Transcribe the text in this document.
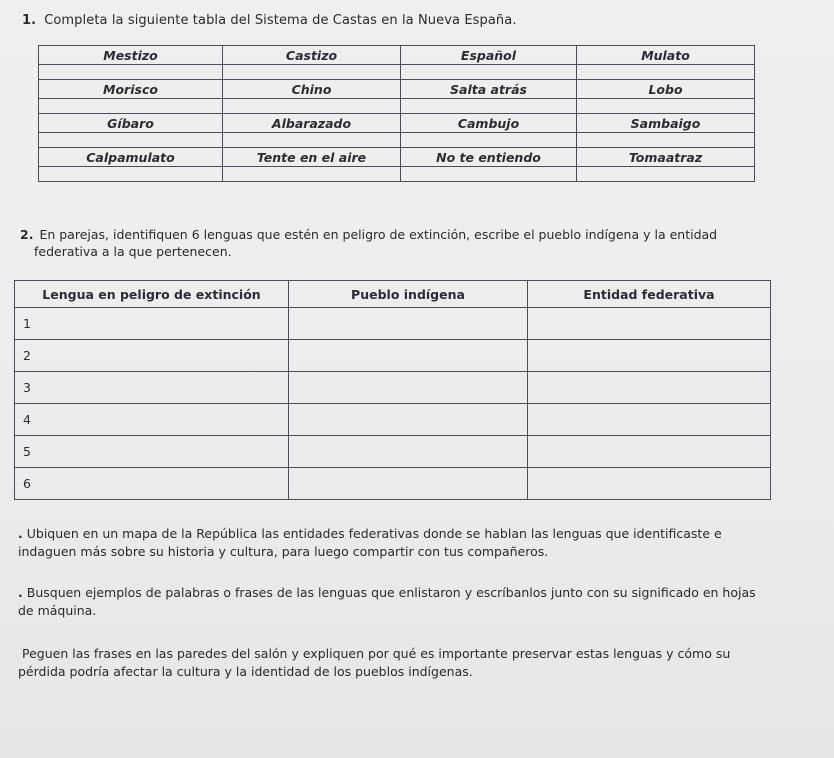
1. Completa la siguiente tabla del Sistema de Castas en la Nueva España.
Mestizo	Castizo	Español	Mulato

Morisco	Chino	Salta atrás	Lobo

Gíbaro	Albarazado	Cambujo	Sambaigo

Calpamulato	Tente en el aire	No te entiendo	Tomaatraz

2. En parejas, identifiquen 6 lenguas que estén en peligro de extinción, escribe el pueblo indígena y la entidad
federativa a la que pertenecen.
Lengua en peligro de extinción	Pueblo indígena	Entidad federativa
1		
2		
3		
4		
5		
6		
. Ubiquen en un mapa de la República las entidades federativas donde se hablan las lenguas que identificaste e
indaguen más sobre su historia y cultura, para luego compartir con tus compañeros.
. Busquen ejemplos de palabras o frases de las lenguas que enlistaron y escríbanlos junto con su significado en hojas
de máquina.
Peguen las frases en las paredes del salón y expliquen por qué es importante preservar estas lenguas y cómo su
pérdida podría afectar la cultura y la identidad de los pueblos indígenas.
